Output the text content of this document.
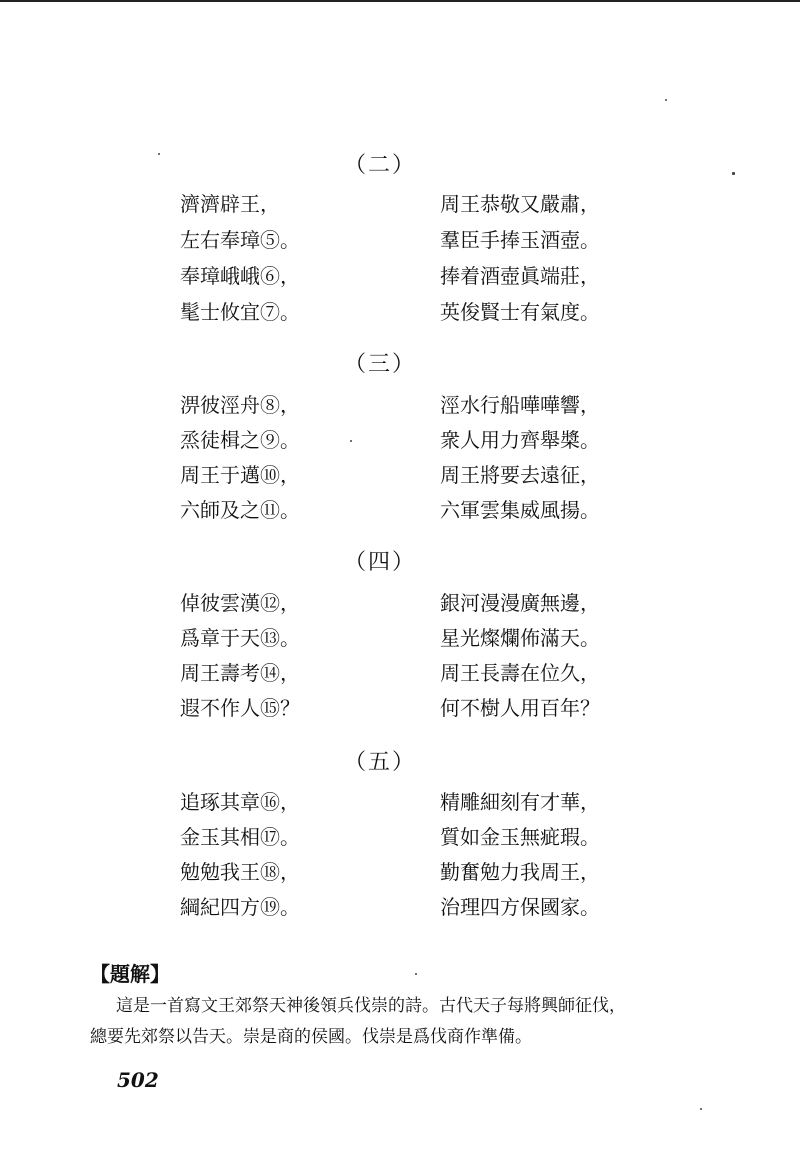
（二）
濟濟辟王，	周王恭敬又嚴肅，
左右奉璋⑤。	羣臣手捧玉酒壺。
奉璋峨峨⑥，	捧着酒壺眞端莊，
髦士攸宜⑦。	英俊賢士有氣度。
（三）
淠彼涇舟⑧，	涇水行船嘩嘩響，
烝徒楫之⑨。	衆人用力齊舉槳。
周王于邁⑩，	周王將要去遠征，
六師及之⑪。	六軍雲集威風揚。
（四）
倬彼雲漢⑫，	銀河漫漫廣無邊，
爲章于天⑬。	星光燦爛佈滿天。
周王壽考⑭，	周王長壽在位久，
遐不作人⑮？	何不樹人用百年？
（五）
追琢其章⑯，	精雕細刻有才華，
金玉其相⑰。	質如金玉無疵瑕。
勉勉我王⑱，	勤奮勉力我周王，
綱紀四方⑲。	治理四方保國家。
【題解】
這是一首寫文王郊祭天神後領兵伐崇的詩。古代天子每將興師征伐，
總要先郊祭以告天。崇是商的侯國。伐崇是爲伐商作準備。
502
